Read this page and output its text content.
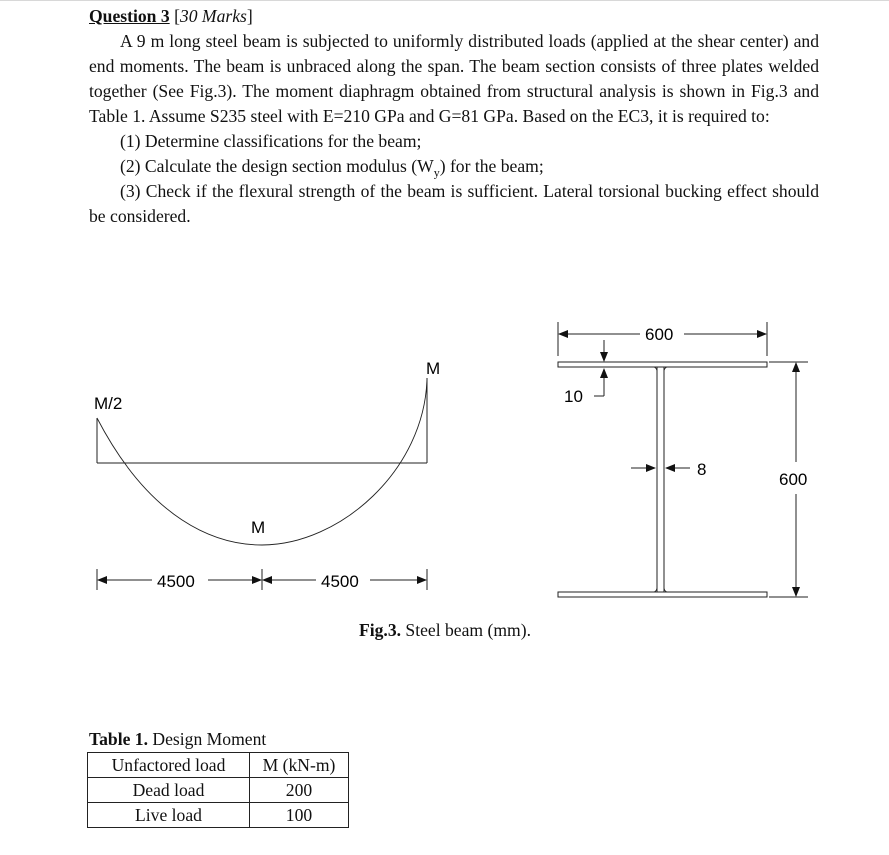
Question 3 [30 Marks]

A 9 m long steel beam is subjected to uniformly distributed loads (applied at the shear center) and end moments. The beam is unbraced along the span. The beam section consists of three plates welded together (See Fig.3). The moment diaphragm obtained from structural analysis is shown in Fig.3 and Table 1. Assume S235 steel with E=210 GPa and G=81 GPa. Based on the EC3, it is required to:

(1) Determine classifications for the beam;

(2) Calculate the design section modulus $(W_y)$ for the beam;

(3) Check if the flexural strength of the beam is sufficient. Lateral torsional bucking effect should be considered.

M/2
M
M
4500	4500
600
10
8
600
Fig.3. Steel beam (mm).
Table 1. Design Moment
Unfactored load	M (kN-m)
Dead load	200
Live load	100
